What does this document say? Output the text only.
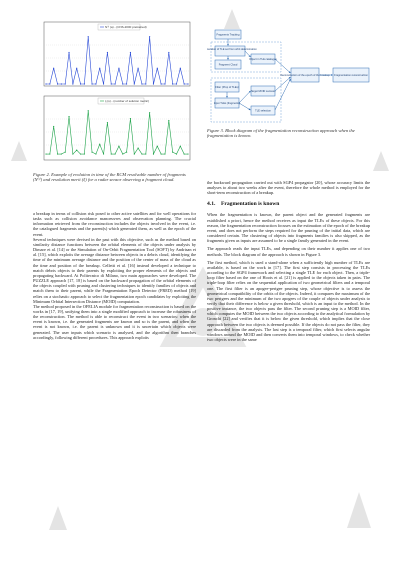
N⁽ʲ⁾ (a) - (CNS-2000 pretrained)
tⱼ (s) - (number of solution metric)

Figure 2. Example of evolution in time of the RCM resolvable number of fragments (N⁽ʲ⁾) and resolution merit (ξ) for a radar sensor observing a fragment cloud.

Fragments Tracking
Generation of TLE set from orbit determination
Fragment Cloud
Object in TLE catalogue
Filter (Prop of TLEs)
Input TLEs (fragments)
Reconstruction of the epoch of the breakup
Target MOID success
TLE selection
Fragmentation reconstruction

Figure 3. Block diagram of the fragmentation reconstruction approach when the fragmentation is known.

a breakup in terms of collision risk posed to other active satellites and for well operations for tasks such as collision avoidance manoeuvres and observation planning. The crucial information retrieved from the reconstruction includes the objects involved in the event, i.e. the catalogued fragments and the parent(s) which generated them, as well as the epoch of the event.

Several techniques were devised in the past with this objective, such as the method based on similarity distance functions between the orbital elements of the objects under analysis by Dimare et al. [14] or the Simulation of On-Orbit Fragmentation Tool (SOFT) by Andrisan et al. [15], which exploits the average distance between objects in a debris cloud, identifying the time of the minimum average distance and the position of the center of mass of the cloud as the time and position of the breakup. Celletti et al. [16] instead developed a technique to match debris objects to their parents by exploiting the proper elements of the objects and propagating backward. At Politecnico di Milano, two main approaches were developed. The PUZZLE approach [17, 18] is based on the backward propagation of the orbital elements of the objects coupled with pruning and clustering techniques to identify families of objects and match them to their parent, while the Fragmentation Epoch Detector (FRED) method [19] relies on a stochastic approach to select the fragmentation epoch candidates by exploiting the Minimum Orbital Intersection Distance (MOID) computation.

The method proposed in the OFELIA module for fragmentation reconstruction is based on the works in [17, 19], unifying them into a single modified approach to increase the robustness of the reconstruction. The method is able to reconstruct the event in two scenarios: when the event is known, i.e. the generated fragments are known and so is the parent, and when the event is not known, i.e. the parent is unknown and it is uncertain which objects were generated. The user inputs which scenario is analysed, and the algorithm then branches accordingly, following different procedures. This approach exploits

the backward propagation carried out with SGP4 propagator [20], whose accuracy limits the analyses to about two weeks after the event, therefore the whole method is employed for the short-term reconstruction of a breakup.

4.1. Fragmentation is known

When the fragmentation is known, the parent object and the generated fragments are established a priori, hence the method receives as input the TLEs of these objects. For this reason, the fragmentation reconstruction focuses on the estimation of the epoch of the breakup event, and does not perform the steps required for the pruning of the initial data, which are considered certain. The clustering of objects into fragments families is also skipped, as the fragments given as inputs are assumed to be a single family generated in the event.

The approach reads the input TLEs, and depending on their number it applies one of two methods. The block diagram of the approach is shown in Figure 3.

The first method, which is used a stand-alone when a sufficiently high number of TLEs are available, is based on the work in [17]. The first step consists in processing the TLEs according to the SGP4 framework and selecting a single TLE for each object. Then, a triple-loop filter based on the one of Hoots et al. [21] is applied to the objects taken in pairs. The triple-loop filter relies on the sequential application of two geometrical filters and a temporal one. The first filter is an apogee-perigee pruning step, whose objective is to assess the geometrical compatibility of the orbits of the objects. Indeed, it compares the maximum of the two perigees and the minimum of the two apogees of the couple of objects under analysis to verify that their difference is below a given threshold, which is an input to the method. In the positive instance, the two objects pass the filter. The second pruning step is a MOID filter, which computes the MOID between the two objects according to the analytical formulation by Gronchi [22] and verifies that it is below the given threshold, which implies that the close approach between the two objects is deemed possible. If the objects do not pass the filter, they are discarded from the analysis. The last step is a temporal filter, which first selects angular windows around the MOID and then converts them into temporal windows, to check whether two objects were in the same
